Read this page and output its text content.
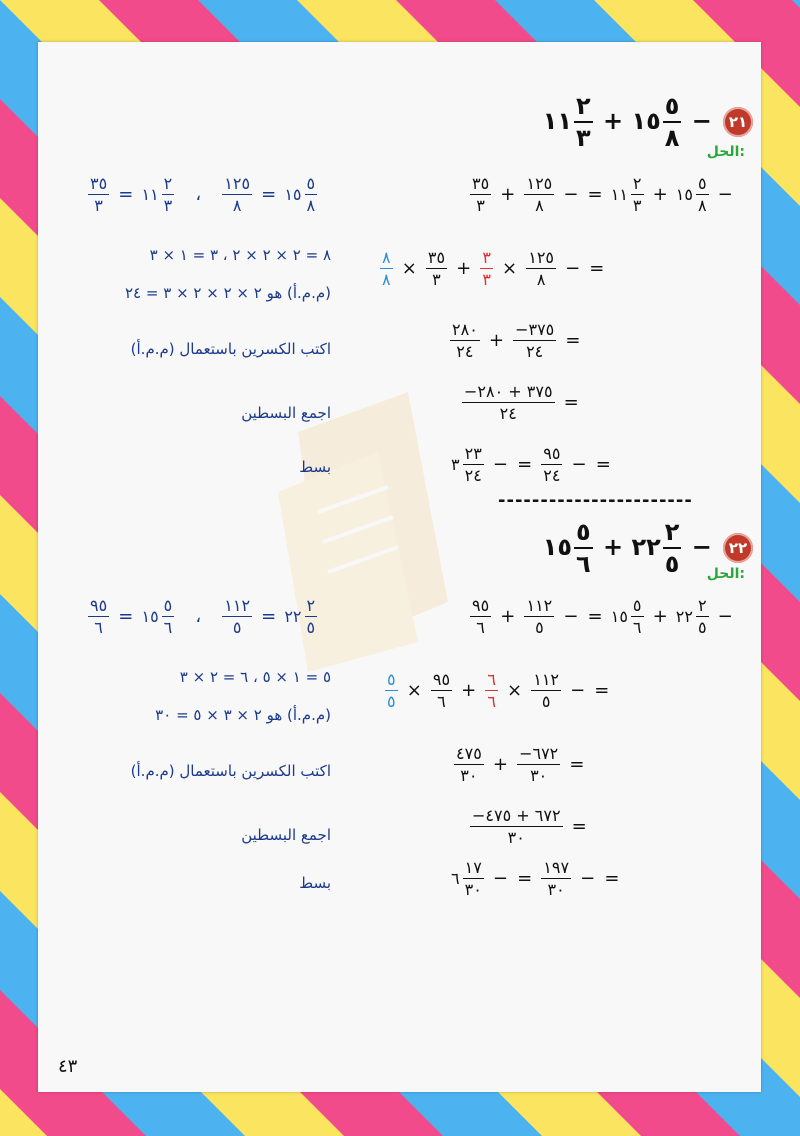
١١ $\frac{٢}{٣}$ + ١٥ $\frac{٥}{٨}$ − ٢١
الحل:
$\frac{٣٥}{٣} + \frac{١٢٥}{٨}$ − = ١١ $\frac{٢}{٣}$ + ١٥ $\frac{٥}{٨}$ −
$\frac{٣٥}{٣}$ = ١١ $\frac{٢}{٣}$ ، $\frac{١٢٥}{٨}$ = ١٥ $\frac{٥}{٨}$
$\frac{٨}{٨} \times \frac{٣٥}{٣} + \frac{٣}{٣} \times \frac{١٢٥}{٨}$ − =
٨ = ٢ × ٢ × ٢ ، ٣ = ١ × ٣
(م.م.أ) هو ٢ × ٢ × ٢ × ٣ = ٢٤
$\frac{٢٨٠}{٢٤} + \frac{-٣٧٥}{٢٤}$ =
اكتب الكسرين باستعمال (م.م.أ)
$\frac{-٣٧٥ + ٢٨٠}{٢٤}$ =
اجمع البسطين
٣ $\frac{٢٣}{٢٤}$ − = $\frac{٩٥}{٢٤}$ − =
بسط
-----------------------
١٥ $\frac{٥}{٦}$ + ٢٢ $\frac{٢}{٥}$ − ٢٢
الحل:
$\frac{٩٥}{٦} + \frac{١١٢}{٥}$ − = ١٥ $\frac{٥}{٦}$ + ٢٢ $\frac{٢}{٥}$ −
$\frac{٩٥}{٦}$ = ١٥ $\frac{٥}{٦}$ ، $\frac{١١٢}{٥}$ = ٢٢ $\frac{٢}{٥}$
$\frac{٥}{٥} \times \frac{٩٥}{٦} + \frac{٦}{٦} \times \frac{١١٢}{٥}$ − =
٥ = ١ × ٥ ، ٦ = ٢ × ٣
(م.م.أ) هو ٢ × ٣ × ٥ = ٣٠
$\frac{٤٧٥}{٣٠} + \frac{-٦٧٢}{٣٠}$ =
اكتب الكسرين باستعمال (م.م.أ)
$\frac{-٦٧٢ + ٤٧٥}{٣٠}$ =
اجمع البسطين
٦ $\frac{١٧}{٣٠}$ − = $\frac{١٩٧}{٣٠}$ − =
بسط
٤٣
